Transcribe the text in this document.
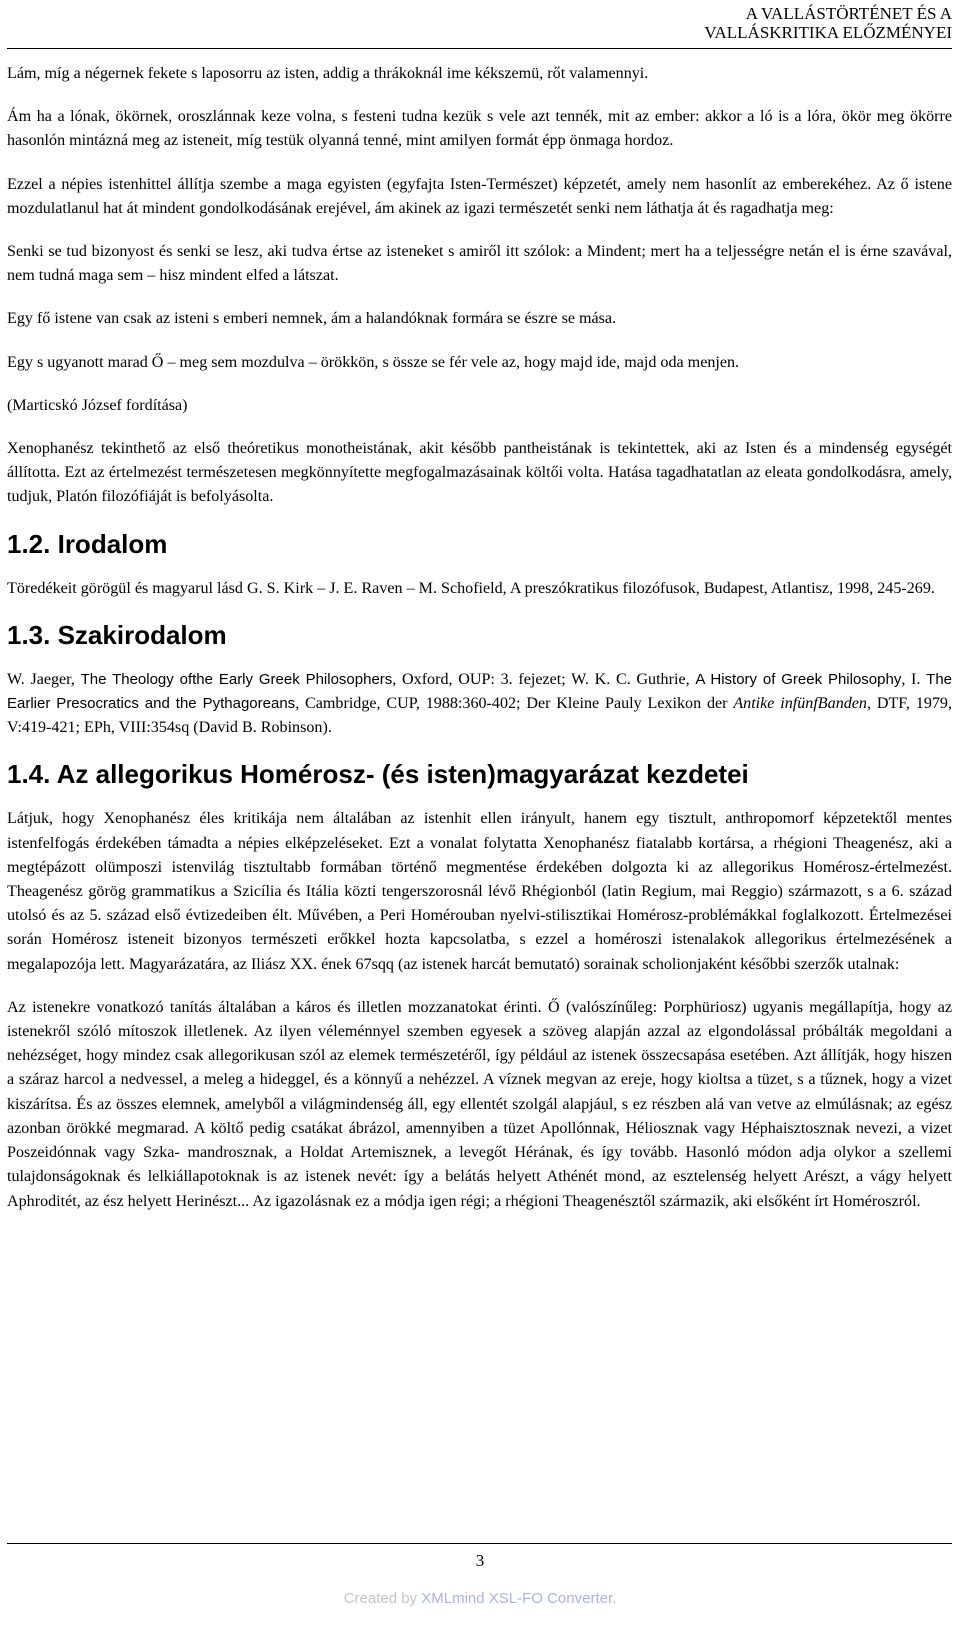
A VALLÁSTÖRTÉNET ÉS A
VALLÁSKRITIKA ELŐZMÉNYEI

Lám, míg a négernek fekete s laposorru az isten, addig a thrákoknál ime kékszemü, rőt valamennyi.

Ám ha a lónak, ökörnek, oroszlánnak keze volna, s festeni tudna kezük s vele azt tennék, mit az ember: akkor a ló is a lóra, ökör meg ökörre hasonlón mintázná meg az isteneit, míg testük olyanná tenné, mint amilyen formát épp önmaga hordoz.

Ezzel a népies istenhittel állítja szembe a maga egyisten (egyfajta Isten-Természet) képzetét, amely nem hasonlít az emberekéhez. Az ő istene mozdulatlanul hat át mindent gondolkodásának erejével, ám akinek az igazi természetét senki nem láthatja át és ragadhatja meg:

Senki se tud bizonyost és senki se lesz, aki tudva értse az isteneket s amiről itt szólok: a Mindent; mert ha a teljességre netán el is érne szavával, nem tudná maga sem – hisz mindent elfed a látszat.

Egy fő istene van csak az isteni s emberi nemnek, ám a halandóknak formára se észre se mása.

Egy s ugyanott marad Ő – meg sem mozdulva – örökkön, s össze se fér vele az, hogy majd ide, majd oda menjen.

(Marticskó József fordítása)

Xenophanész tekinthető az első theóretikus monotheistának, akit később pantheistának is tekintettek, aki az Isten és a mindenség egységét állította. Ezt az értelmezést természetesen megkönnyítette megfogalmazásainak költői volta. Hatása tagadhatatlan az eleata gondolkodásra, amely, tudjuk, Platón filozófiáját is befolyásolta.

1.2. Irodalom

Töredékeit görögül és magyarul lásd G. S. Kirk – J. E. Raven – M. Schofield, A preszókratikus filozófusok, Budapest, Atlantisz, 1998, 245-269.

1.3. Szakirodalom

W. Jaeger, The Theology ofthe Early Greek Philosophers, Oxford, OUP: 3. fejezet; W. K. C. Guthrie, A History of Greek Philosophy, I. The Earlier Presocratics and the Pythagoreans, Cambridge, CUP, 1988:360-402; Der Kleine Pauly Lexikon der Antike infünfBanden, DTF, 1979, V:419-421; EPh, VIII:354sq (David B. Robinson).

1.4. Az allegorikus Homérosz- (és isten)magyarázat kezdetei

Látjuk, hogy Xenophanész éles kritikája nem általában az istenhit ellen irányult, hanem egy tisztult, anthropomorf képzetektől mentes istenfelfogás érdekében támadta a népies elképzeléseket. Ezt a vonalat folytatta Xenophanész fiatalabb kortársa, a rhégioni Theagenész, aki a megtépázott olümposzi istenvilág tisztultabb formában történő megmentése érdekében dolgozta ki az allegorikus Homérosz-értelmezést. Theagenész görög grammatikus a Szicília és Itália közti tengerszorosnál lévő Rhégionból (latin Regium, mai Reggio) származott, s a 6. század utolsó és az 5. század első évtizedeiben élt. Művében, a Peri Homérouban nyelvi-stilisztikai Homérosz-problémákkal foglalkozott. Értelmezései során Homérosz isteneit bizonyos természeti erőkkel hozta kapcsolatba, s ezzel a homéroszi istenalakok allegorikus értelmezésének a megalapozója lett. Magyarázatára, az Iliász XX. ének 67sqq (az istenek harcát bemutató) sorainak scholionjaként későbbi szerzők utalnak:

Az istenekre vonatkozó tanítás általában a káros és illetlen mozzanatokat érinti. Ő (valószínűleg: Porphüriosz) ugyanis megállapítja, hogy az istenekről szóló mítoszok illetlenek. Az ilyen véleménnyel szemben egyesek a szöveg alapján azzal az elgondolással próbálták megoldani a nehézséget, hogy mindez csak allegorikusan szól az elemek természetéről, így például az istenek összecsapása esetében. Azt állítják, hogy hiszen a száraz harcol a nedvessel, a meleg a hideggel, és a könnyű a nehézzel. A víznek megvan az ereje, hogy kioltsa a tüzet, s a tűznek, hogy a vizet kiszárítsa. És az összes elemnek, amelyből a világmindenség áll, egy ellentét szolgál alapjául, s ez részben alá van vetve az elmúlásnak; az egész azonban örökké megmarad. A költő pedig csatákat ábrázol, amennyiben a tüzet Apollónnak, Héliosznak vagy Héphaisztosznak nevezi, a vizet Poszeidónnak vagy Szka- mandrosznak, a Holdat Artemisznek, a levegőt Hérának, és így tovább. Hasonló módon adja olykor a szellemi tulajdonságoknak és lelkiállapotoknak is az istenek nevét: így a belátás helyett Athénét mond, az esztelenség helyett Arészt, a vágy helyett Aphroditét, az ész helyett Herinészt... Az igazolásnak ez a módja igen régi; a rhégioni Theagenésztől származik, aki elsőként írt Homéroszról.

3
Created by XMLmind XSL-FO Converter.
